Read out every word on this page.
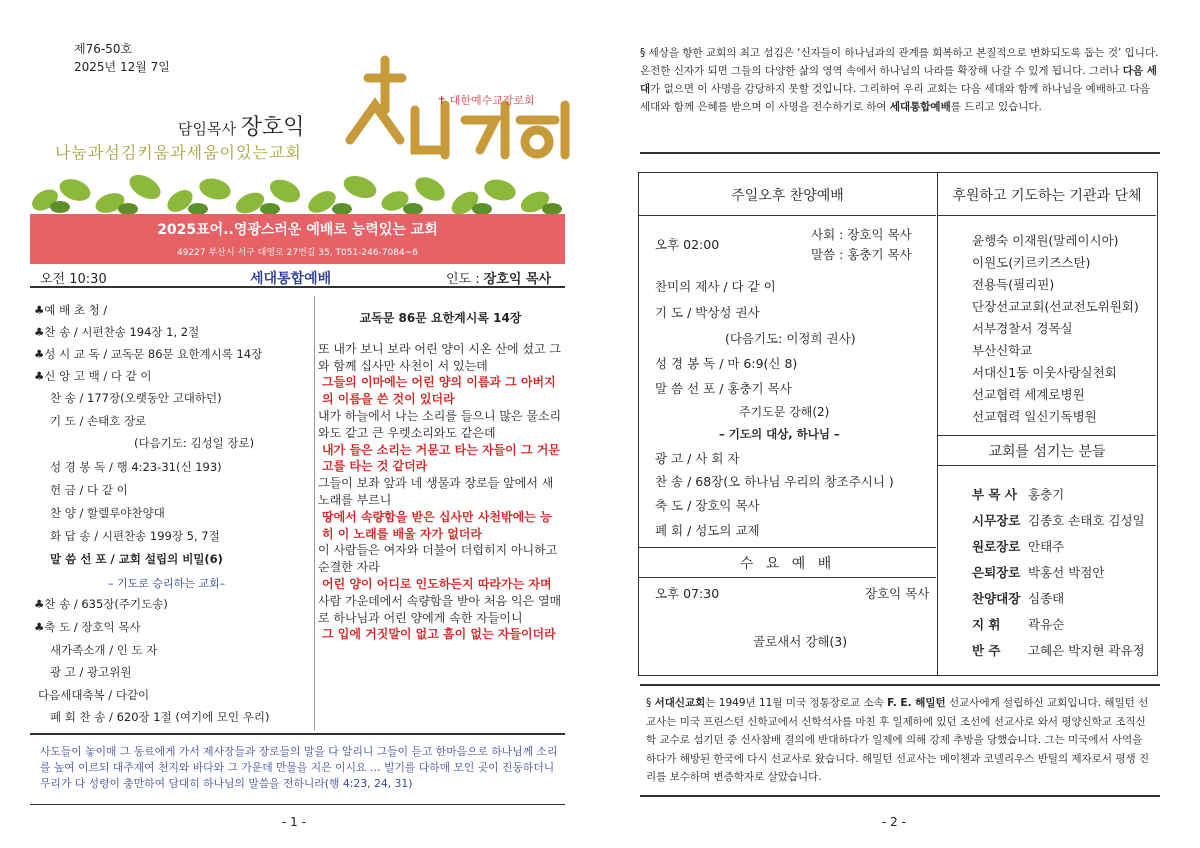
제76-50호
2025년 12월 7일
담임목사 장호익
나눔과섬김키움과세움이있는교회
✝ 대한예수교장로회
2025표어..영광스러운 예배로 능력있는 교회
49227 부산시 서구 대영로 27번길 35, T051-246-7084~6
오전 10:30	세대통합예배	인도 : 장호익 목사
♣예 배 초 청 /
♣찬 송 / 시편찬송 194장 1, 2절
♣성 시 교 독 / 교독문 86문 요한계시록 14장
♣신 앙 고 백 / 다 같 이
찬 송 / 177장(오랫동안 고대하던)
기 도 / 손태호 장로
(다음기도: 김성일 장로)
성 경 봉 독 / 행 4:23-31(신 193)
헌 금 / 다 같 이
찬 양 / 할렐루야찬양대
화 답 송 / 시편찬송 199장 5, 7절
말 씀 선 포 / 교회 설립의 비밀(6)
– 기도로 승리하는 교회–
♣찬 송 / 635장(주기도송)
♣축 도 / 장호익 목사
새가족소개 / 인 도 자
광 고 / 광고위원
다음세대축복 / 다같이
폐 회 찬 송 / 620장 1절 (여기에 모인 우리)
교독문 86문 요한계시록 14장
또 내가 보니 보라 어린 양이 시온 산에 섰고 그와 함께 십사만 사천이 서 있는데
그들의 이마에는 어린 양의 이름과 그 아버지의 이름을 쓴 것이 있더라
내가 하늘에서 나는 소리를 들으니 많은 물소리와도 같고 큰 우렛소리와도 같은데
내가 들은 소리는 거문고 타는 자들이 그 거문고를 타는 것 같더라
그들이 보좌 앞과 네 생물과 장로들 앞에서 새 노래를 부르니
땅에서 속량함을 받은 십사만 사천밖에는 능히 이 노래를 배울 자가 없더라
이 사람들은 여자와 더불어 더럽히지 아니하고 순결한 자라
어린 양이 어디로 인도하든지 따라가는 자며
사람 가운데에서 속량함을 받아 처음 익은 열매로 하나님과 어린 양에게 속한 자들이니
그 입에 거짓말이 없고 흠이 없는 자들이더라
사도들이 놓이매 그 동료에게 가서 제사장들과 장로들의 말을 다 알리니 그들이 듣고 한마음으로 하나님께 소리를 높여 이르되 대주재여 천지와 바다와 그 가운데 만물을 지은 이시요 … 빌기를 다하매 모인 곳이 진동하더니 무리가 다 성령이 충만하여 담대히 하나님의 말씀을 전하니라(행 4:23, 24, 31)
- 1 -
§ 세상을 향한 교회의 최고 섬김은 ‘신자들이 하나님과의 관계를 회복하고 본질적으로 변화되도록 돕는 것’ 입니다. 온전한 신자가 되면 그들의 다양한 삶의 영역 속에서 하나님의 나라를 확장해 나갈 수 있게 됩니다. 그러나 다음 세대가 없으면 이 사명을 감당하지 못할 것입니다. 그리하여 우리 교회는 다음 세대와 함께 하나님을 예배하고 다음 세대와 함께 은혜를 받으며 이 사명을 전수하기로 하여 세대통합예배를 드리고 있습니다.
주일오후 찬양예배
오후 02:00
사회 : 장호익 목사
말씀 : 홍충기 목사
찬미의 제사 / 다 같 이
기 도 / 박상성 권사
(다음기도: 이정희 권사)
성 경 봉 독 / 마 6:9(신 8)
말 씀 선 포 / 홍충기 목사
주기도문 강해(2)
– 기도의 대상, 하나님 –
광 고 / 사 회 자
찬 송 / 68장(오 하나님 우리의 창조주시니 )
축 도 / 장호익 목사
폐 회 / 성도의 교제
수 요 예 배
오후 07:30	장호익 목사
골로새서 강해(3)
후원하고 기도하는 기관과 단체
윤행숙 이재원(말레이시아)
이원도(키르키즈스탄)
전용득(필리핀)
단장선교교회(선교전도위원회)
서부경찰서 경목실
부산신학교
서대신1동 이웃사랑실천회
선교협력 세계로병원
선교협력 일신기독병원
교회를 섬기는 분들
부 목 사 홍충기
시무장로 김종호 손태호 김성일
원로장로 안태주
은퇴장로 박홍선 박점안
찬양대장 심종태
지 휘 곽유순
반 주 고혜은 박지현 곽유정
§ 서대신교회는 1949년 11월 미국 정통장로교 소속 F. E. 해밀턴 선교사에게 설립하신 교회입니다. 해밀턴 선교사는 미국 프린스턴 신학교에서 신학석사를 마친 후 일제하에 있던 조선에 선교사로 와서 평양신학교 조직신학 교수로 섬기던 중 신사참배 결의에 반대하다가 일제에 의해 강제 추방을 당했습니다. 그는 미국에서 사역을 하다가 해방된 한국에 다시 선교사로 왔습니다. 해밀턴 선교사는 메이첸과 코넬리우스 반틸의 제자로서 평생 진리를 보수하며 변증학자로 살았습니다.
- 2 -
